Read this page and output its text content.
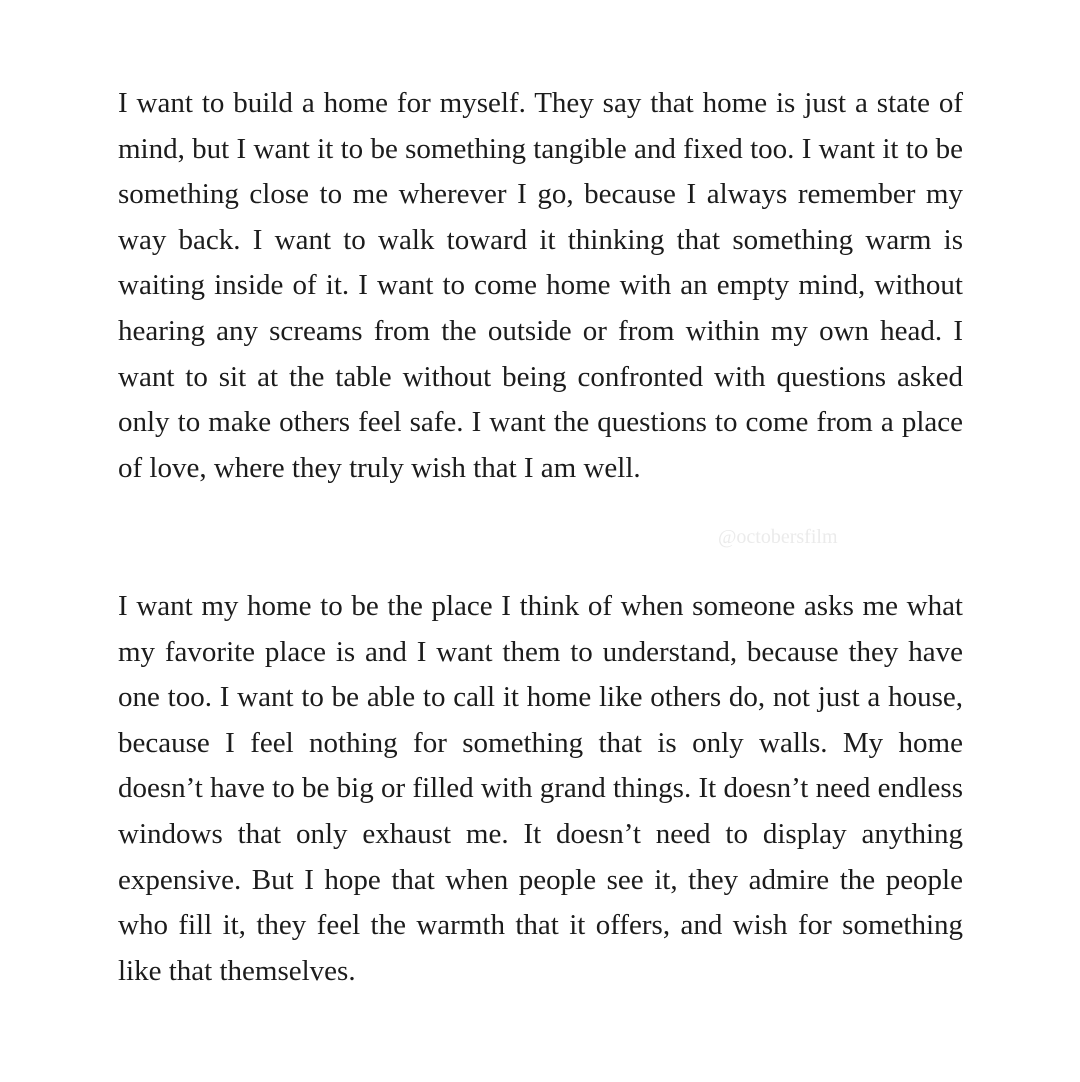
I want to build a home for myself. They say that home is just a state of mind, but I want it to be something tangible and fixed too. I want it to be something close to me wherever I go, because I always remember my way back. I want to walk toward it thinking that something warm is waiting inside of it. I want to come home with an empty mind, without hearing any screams from the outside or from within my own head. I want to sit at the table without being confronted with questions asked only to make others feel safe. I want the questions to come from a place of love, where they truly wish that I am well.

@octobersfilm

I want my home to be the place I think of when someone asks me what my favorite place is and I want them to understand, because they have one too. I want to be able to call it home like others do, not just a house, because I feel nothing for something that is only walls. My home doesn’t have to be big or filled with grand things. It doesn’t need endless windows that only exhaust me. It doesn’t need to display anything expensive. But I hope that when people see it, they admire the people who fill it, they feel the warmth that it offers, and wish for something like that themselves.
